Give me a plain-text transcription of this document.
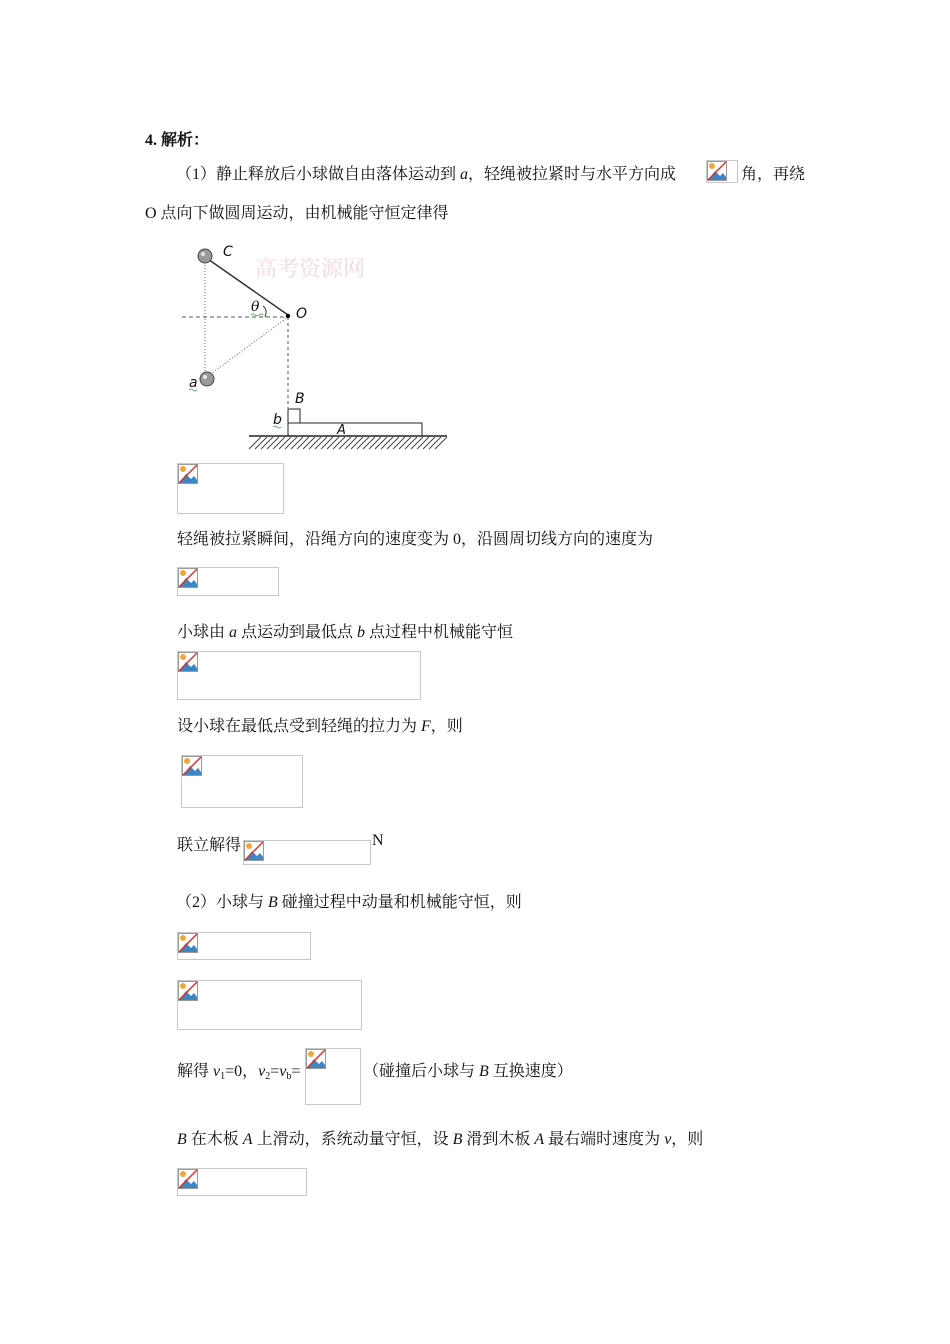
4. 解析：
（1）静止释放后小球做自由落体运动到 a，轻绳被拉紧时与水平方向成	角，再绕
O 点向下做圆周运动，由机械能守恒定律得
高考资源网
C
θ	O
a
B
b
A
轻绳被拉紧瞬间，沿绳方向的速度变为 0，沿圆周切线方向的速度为
小球由 a 点运动到最低点 b 点过程中机械能守恒
设小球在最低点受到轻绳的拉力为 F，则
联立解得	N
（2）小球与 B 碰撞过程中动量和机械能守恒，则
解得 $v_1=0$，$v_2=v_b=$	（碰撞后小球与 B 互换速度）
B 在木板 A 上滑动，系统动量守恒，设 B 滑到木板 A 最右端时速度为 v，则
